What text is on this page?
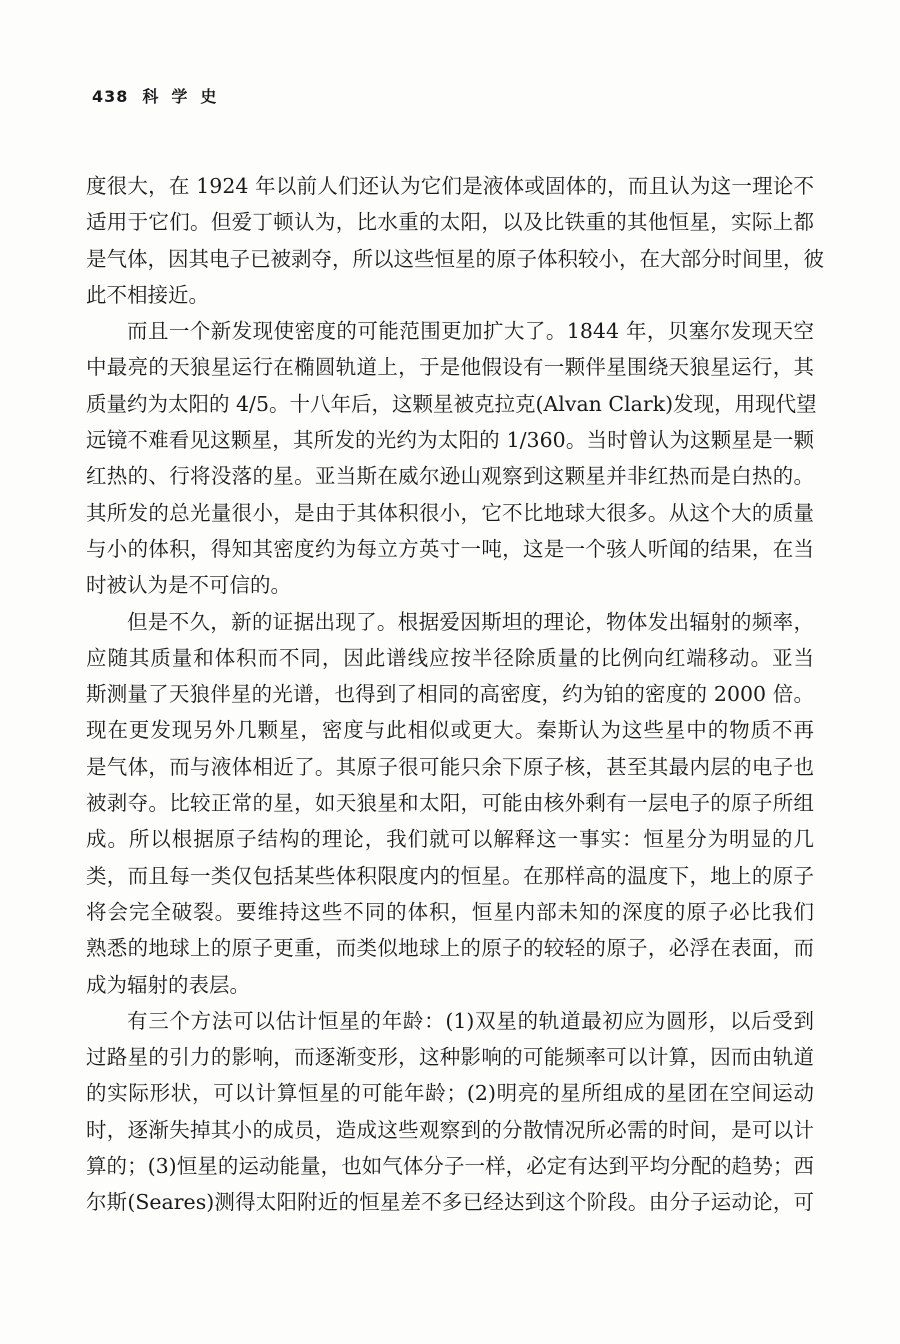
438 科学史
度很大，在 1924 年以前人们还认为它们是液体或固体的，而且认为这一理论不
适用于它们。但爱丁顿认为，比水重的太阳，以及比铁重的其他恒星，实际上都
是气体，因其电子已被剥夺，所以这些恒星的原子体积较小，在大部分时间里，彼
此不相接近。
而且一个新发现使密度的可能范围更加扩大了。1844 年，贝塞尔发现天空
中最亮的天狼星运行在椭圆轨道上，于是他假设有一颗伴星围绕天狼星运行，其
质量约为太阳的 4/5。十八年后，这颗星被克拉克(Alvan Clark)发现，用现代望
远镜不难看见这颗星，其所发的光约为太阳的 1/360。当时曾认为这颗星是一颗
红热的、行将没落的星。亚当斯在威尔逊山观察到这颗星并非红热而是白热的。
其所发的总光量很小，是由于其体积很小，它不比地球大很多。从这个大的质量
与小的体积，得知其密度约为每立方英寸一吨，这是一个骇人听闻的结果，在当
时被认为是不可信的。
但是不久，新的证据出现了。根据爱因斯坦的理论，物体发出辐射的频率，
应随其质量和体积而不同，因此谱线应按半径除质量的比例向红端移动。亚当
斯测量了天狼伴星的光谱，也得到了相同的高密度，约为铂的密度的 2000 倍。
现在更发现另外几颗星，密度与此相似或更大。秦斯认为这些星中的物质不再
是气体，而与液体相近了。其原子很可能只余下原子核，甚至其最内层的电子也
被剥夺。比较正常的星，如天狼星和太阳，可能由核外剩有一层电子的原子所组
成。所以根据原子结构的理论，我们就可以解释这一事实：恒星分为明显的几
类，而且每一类仅包括某些体积限度内的恒星。在那样高的温度下，地上的原子
将会完全破裂。要维持这些不同的体积，恒星内部未知的深度的原子必比我们
熟悉的地球上的原子更重，而类似地球上的原子的较轻的原子，必浮在表面，而
成为辐射的表层。
有三个方法可以估计恒星的年龄：(1)双星的轨道最初应为圆形，以后受到
过路星的引力的影响，而逐渐变形，这种影响的可能频率可以计算，因而由轨道
的实际形状，可以计算恒星的可能年龄；(2)明亮的星所组成的星团在空间运动
时，逐渐失掉其小的成员，造成这些观察到的分散情况所必需的时间，是可以计
算的；(3)恒星的运动能量，也如气体分子一样，必定有达到平均分配的趋势；西
尔斯(Seares)测得太阳附近的恒星差不多已经达到这个阶段。由分子运动论，可
